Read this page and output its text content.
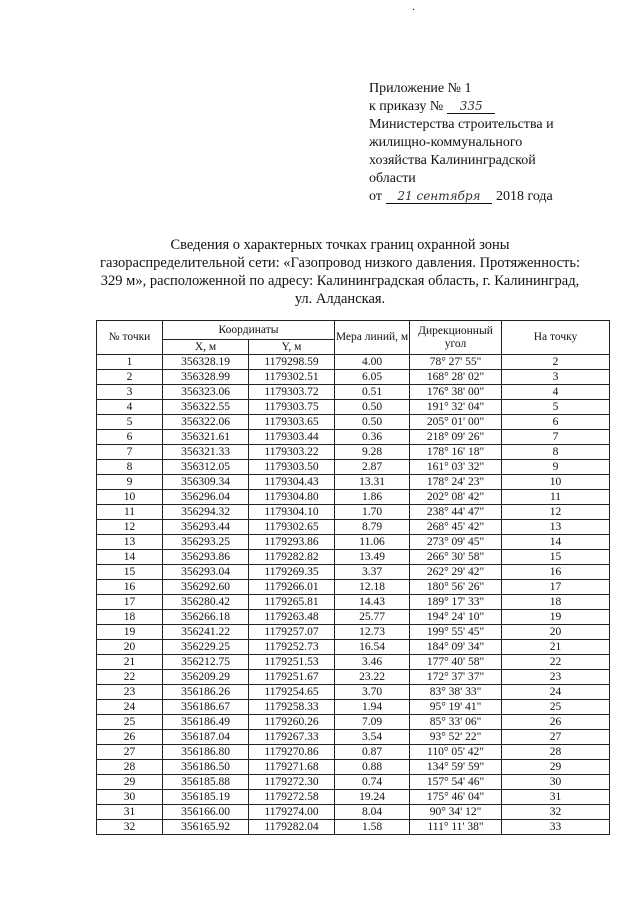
·
Приложение № 1
к приказу № 335
Министерства строительства и
жилищно-коммунального
хозяйства Калининградской
области
от 21 сентября 2018 года
Сведения о характерных точках границ охранной зоны
газораспределительной сети: «Газопровод низкого давления. Протяженность:
329 м», расположенной по адресу: Калининградская область, г. Калининград,
ул. Алданская.
№ точки	Координаты		Мера линий, м	Дирекционный угол	На точку
	X, м	Y, м			
1	356328.19	1179298.59	4.00	78° 27' 55"	2
2	356328.99	1179302.51	6.05	168° 28' 02"	3
3	356323.06	1179303.72	0.51	176° 38' 00"	4
4	356322.55	1179303.75	0.50	191° 32' 04"	5
5	356322.06	1179303.65	0.50	205° 01' 00"	6
6	356321.61	1179303.44	0.36	218° 09' 26"	7
7	356321.33	1179303.22	9.28	178° 16' 18"	8
8	356312.05	1179303.50	2.87	161° 03' 32"	9
9	356309.34	1179304.43	13.31	178° 24' 23"	10
10	356296.04	1179304.80	1.86	202° 08' 42"	11
11	356294.32	1179304.10	1.70	238° 44' 47"	12
12	356293.44	1179302.65	8.79	268° 45' 42"	13
13	356293.25	1179293.86	11.06	273° 09' 45"	14
14	356293.86	1179282.82	13.49	266° 30' 58"	15
15	356293.04	1179269.35	3.37	262° 29' 42"	16
16	356292.60	1179266.01	12.18	180° 56' 26"	17
17	356280.42	1179265.81	14.43	189° 17' 33"	18
18	356266.18	1179263.48	25.77	194° 24' 10"	19
19	356241.22	1179257.07	12.73	199° 55' 45"	20
20	356229.25	1179252.73	16.54	184° 09' 34"	21
21	356212.75	1179251.53	3.46	177° 40' 58"	22
22	356209.29	1179251.67	23.22	172° 37' 37"	23
23	356186.26	1179254.65	3.70	83° 38' 33"	24
24	356186.67	1179258.33	1.94	95° 19' 41"	25
25	356186.49	1179260.26	7.09	85° 33' 06"	26
26	356187.04	1179267.33	3.54	93° 52' 22"	27
27	356186.80	1179270.86	0.87	110° 05' 42"	28
28	356186.50	1179271.68	0.88	134° 59' 59"	29
29	356185.88	1179272.30	0.74	157° 54' 46"	30
30	356185.19	1179272.58	19.24	175° 46' 04"	31
31	356166.00	1179274.00	8.04	90° 34' 12"	32
32	356165.92	1179282.04	1.58	111° 11' 38"	33
